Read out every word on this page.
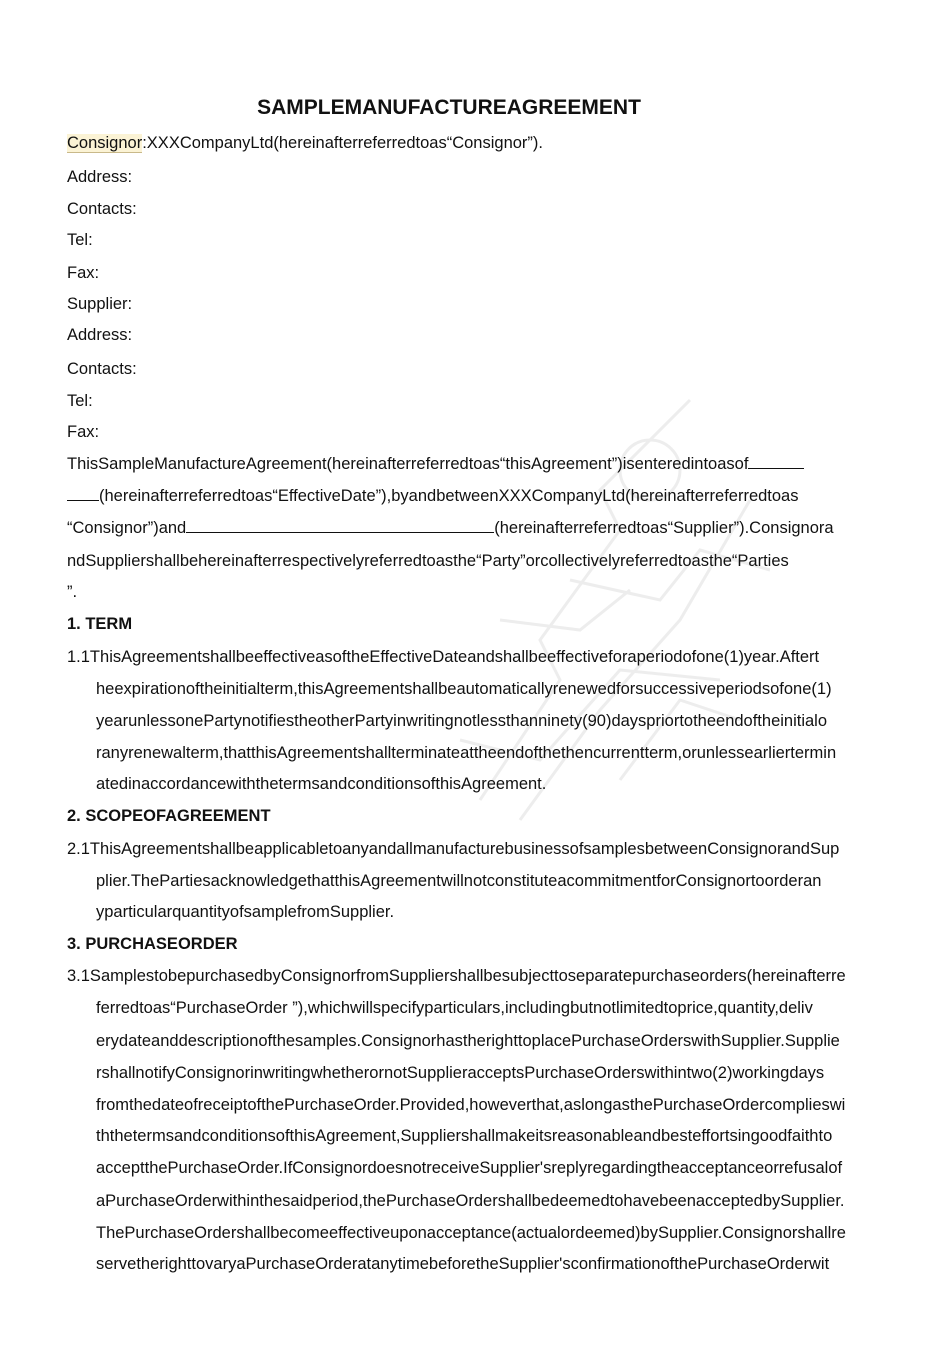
SAMPLEMANUFACTUREAGREEMENT
Consignor:XXXCompanyLtd(hereinafterreferredtoas“Consignor”).
Address:
Contacts:
Tel:
Fax:
Supplier:
Address:
Contacts:
Tel:
Fax:
ThisSampleManufactureAgreement(hereinafterreferredtoas“thisAgreement”)isenteredintoasof
(hereinafterreferredtoas“EffectiveDate”),byandbetweenXXXCompanyLtd(hereinafterreferredtoas
“Consignor”)and	(hereinafterreferredtoas“Supplier”).Consignora
ndSuppliershallbehereinafterrespectivelyreferredtoasthe“Party”orcollectivelyreferredtoasthe“Parties
”.
1. TERM
1.1ThisAgreementshallbeeffectiveasoftheEffectiveDateandshallbeeffectiveforaperiodofone(1)year.Aftert
heexpirationoftheinitialterm,thisAgreementshallbeautomaticallyrenewedforsuccessiveperiodsofone(1)
yearunlessonePartynotifiestheotherPartyinwritingnotlessthanninety(90)dayspriortotheendoftheinitialo
ranyrenewalterm,thatthisAgreementshallterminateattheendofthethencurrentterm,orunlessearliertermin
atedinaccordancewiththetermsandconditionsofthisAgreement.
2. SCOPEOFAGREEMENT
2.1ThisAgreementshallbeapplicabletoanyandallmanufacturebusinessofsamplesbetweenConsignorandSup
plier.ThePartiesacknowledgethatthisAgreementwillnotconstituteacommitmentforConsignortoorderan
yparticularquantityofsamplefromSupplier.
3. PURCHASEORDER
3.1SamplestobepurchasedbyConsignorfromSuppliershallbesubjecttoseparatepurchaseorders(hereinafterre
ferredtoas“PurchaseOrder ”),whichwillspecifyparticulars,includingbutnotlimitedtoprice,quantity,deliv
erydateanddescriptionofthesamples.ConsignorhastherighttoplacePurchaseOrderswithSupplier.Supplie
rshallnotifyConsignorinwritingwhetherornotSupplieracceptsPurchaseOrderswithintwo(2)workingdays
fromthedateofreceiptofthePurchaseOrder.Provided,howeverthat,aslongasthePurchaseOrdercomplieswi
ththetermsandconditionsofthisAgreement,Suppliershallmakeitsreasonableandbesteffortsingoodfaithto
acceptthePurchaseOrder.IfConsignordoesnotreceiveSupplier'sreplyregardingtheacceptanceorrefusalof
aPurchaseOrderwithinthesaidperiod,thePurchaseOrdershallbedeemedtohavebeenacceptedbySupplier.
ThePurchaseOrdershallbecomeeffectiveuponacceptance(actualordeemed)bySupplier.Consignorshallre
servetherighttovaryaPurchaseOrderatanytimebeforetheSupplier'sconfirmationofthePurchaseOrderwit
